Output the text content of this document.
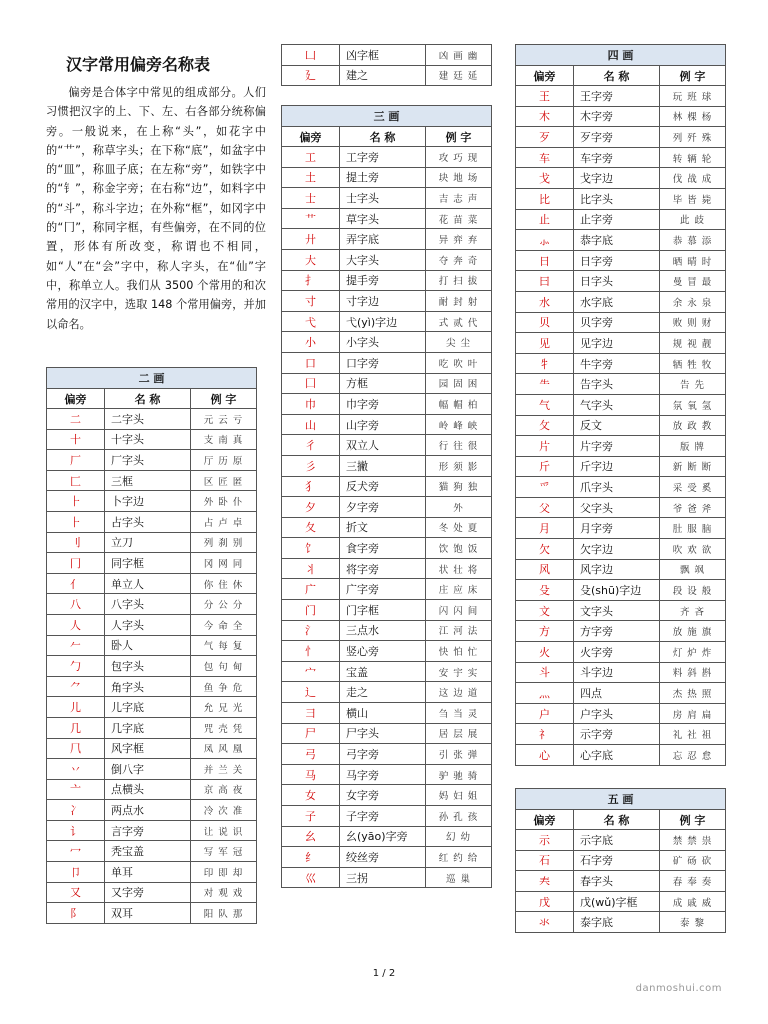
汉字常用偏旁名称表

偏旁是合体字中常见的组成部分。人们习惯把汉字的上、下、左、右各部分统称偏旁。一般说来，在上称“头”，如花字中的“艹”，称草字头；在下称“底”，如盆字中的“皿”，称皿子底；在左称“旁”，如铁字中的“钅”，称金字旁；在右称“边”，如料字中的“斗”，称斗字边；在外称“框”，如冈字中的“冂”，称同字框，有些偏旁，在不同的位置，形体有所改变，称谓也不相同，如“人”在“会”字中，称人字头，在“仙”字中，称单立人。我们从 3500 个常用的和次常用的汉字中，选取 148 个常用偏旁，并加以命名。

二 画		
偏旁	名 称	例 字
二	二字头	元 云 亏
十	十字头	支 南 真
厂	厂字头	厅 历 原
匚	三框	区 匠 匿
⺊	卜字边	外 卧 仆
⺊	占字头	占 卢 卓
刂	立刀	列 刹 别
冂	同字框	冈 网 同
亻	单立人	你 住 休
八	八字头	分 公 分
人	人字头	今 命 全
𠂉	卧人	气 每 复
勹	包字头	包 句 甸
⺈	角字头	鱼 争 危
儿	儿字底	允 兄 光
几	几字底	咒 壳 凭
⺇	风字框	凤 风 凰
丷	倒八字	并 兰 关
亠	点横头	京 高 夜
冫	两点水	冷 次 准
讠	言字旁	让 说 识
冖	秃宝盖	写 军 冠
卩	单耳	印 即 却
又	又字旁	对 观 戏
阝	双耳	阳 队 那
凵	凶字框	凶 画 幽
廴	建之	建 廷 延
三 画		
偏旁	名 称	例 字
工	工字旁	攻 巧 现
土	提土旁	块 地 场
士	士字头	吉 志 声
艹	草字头	花 苗 菜
廾	弄字底	异 弈 弃
大	大字头	夺 奔 奇
扌	提手旁	打 扫 拔
寸	寸字边	耐 封 射
弋	弋(yì)字边	式 贰 代
小	小字头	尖 尘
口	口字旁	吃 吹 叶
囗	方框	园 固 困
巾	巾字旁	幅 帽 柏
山	山字旁	岭 峰 峡
彳	双立人	行 往 很
彡	三撇	形 须 影
犭	反犬旁	猫 狗 独
夕	夕字旁	外
夂	折文	冬 处 夏
饣	食字旁	饮 饱 饭
丬	将字旁	状 壮 将
广	广字旁	庄 应 床
门	门字框	闪 闪 间
氵	三点水	江 河 法
忄	竖心旁	快 怕 忙
宀	宝盖	安 宇 实
辶	走之	这 边 道
彐	横山	刍 当 灵
尸	尸字头	居 层 展
弓	弓字旁	引 张 弹
马	马字旁	驴 驰 骑
女	女字旁	妈 妇 姐
子	子字旁	孙 孔 孩
幺	幺(yāo)字旁	幻 幼
纟	绞丝旁	红 约 给
巛	三拐	巡 巢
四 画		
偏旁	名 称	例 字
王	王字旁	玩 班 球
木	木字旁	林 棵 杨
歹	歹字旁	列 歼 殊
车	车字旁	转 辆 轮
戈	戈字边	伐 战 成
比	比字头	毕 皆 毙
止	止字旁	此 歧
⺗	恭字底	恭 慕 添
日	日字旁	晒 晴 时
曰	日字头	曼 冒 最
水	水字底	余 永 泉
贝	贝字旁	败 则 财
见	见字边	规 视 靓
牜	牛字旁	牺 牲 牧
⺧	告字头	告 先
气	气字头	氛 氧 氢
攵	反文	放 政 教
片	片字旁	版 牌
斤	斤字边	新 断 断
爫	爪字头	采 受 奚
父	父字头	爷 爸 斧
月	月字旁	肚 服 脑
欠	欠字边	吹 欢 欲
风	风字边	飘 飒
殳	殳(shū)字边	段 设 般
文	文字头	齐 吝
方	方字旁	放 施 旗
火	火字旁	灯 炉 炸
斗	斗字边	料 斜 斟
灬	四点	杰 热 照
户	户字头	房 肩 扁
礻	示字旁	礼 社 祖
心	心字底	忘 忍 怠
五 画		
偏旁	名 称	例 字
示	示字底	禁 禁 祟
石	石字旁	矿 砀 砍
𡗗	春字头	春 奉 奏
戊	戊(wǔ)字框	成 戚 威
氺	泰字底	泰 黎
1 / 2
danmoshui.com
